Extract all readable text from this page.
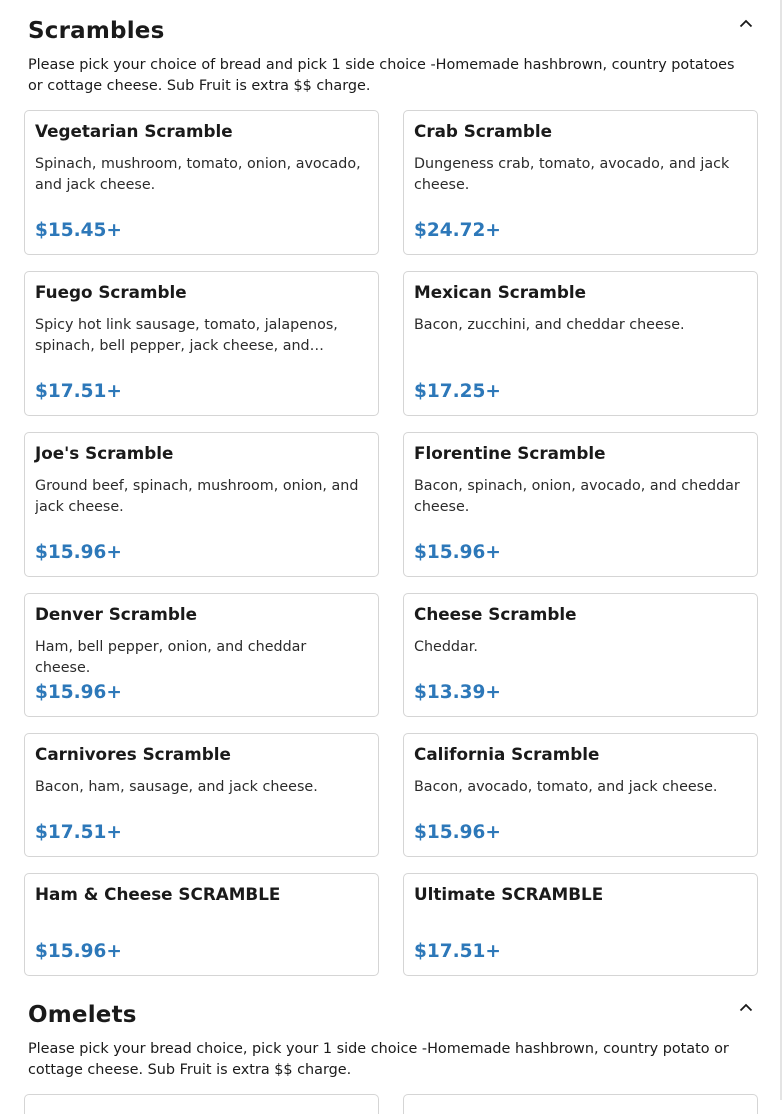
Scrambles
Please pick your choice of bread and pick 1 side choice -Homemade hashbrown, country potatoes or cottage cheese. Sub Fruit is extra $$ charge.
Vegetarian Scramble
Spinach, mushroom, tomato, onion, avocado, and jack cheese.
$15.45+
Crab Scramble
Dungeness crab, tomato, avocado, and jack cheese.
$24.72+
Fuego Scramble
Spicy hot link sausage, tomato, jalapenos, spinach, bell pepper, jack cheese, and…
$17.51+
Mexican Scramble
Bacon, zucchini, and cheddar cheese.
$17.25+
Joe's Scramble
Ground beef, spinach, mushroom, onion, and jack cheese.
$15.96+
Florentine Scramble
Bacon, spinach, onion, avocado, and cheddar cheese.
$15.96+
Denver Scramble
Ham, bell pepper, onion, and cheddar cheese.
$15.96+
Cheese Scramble
Cheddar.
$13.39+
Carnivores Scramble
Bacon, ham, sausage, and jack cheese.
$17.51+
California Scramble
Bacon, avocado, tomato, and jack cheese.
$15.96+
Ham & Cheese SCRAMBLE
$15.96+
Ultimate SCRAMBLE
$17.51+
Omelets
Please pick your bread choice, pick your 1 side choice -Homemade hashbrown, country potato or cottage cheese. Sub Fruit is extra $$ charge.
